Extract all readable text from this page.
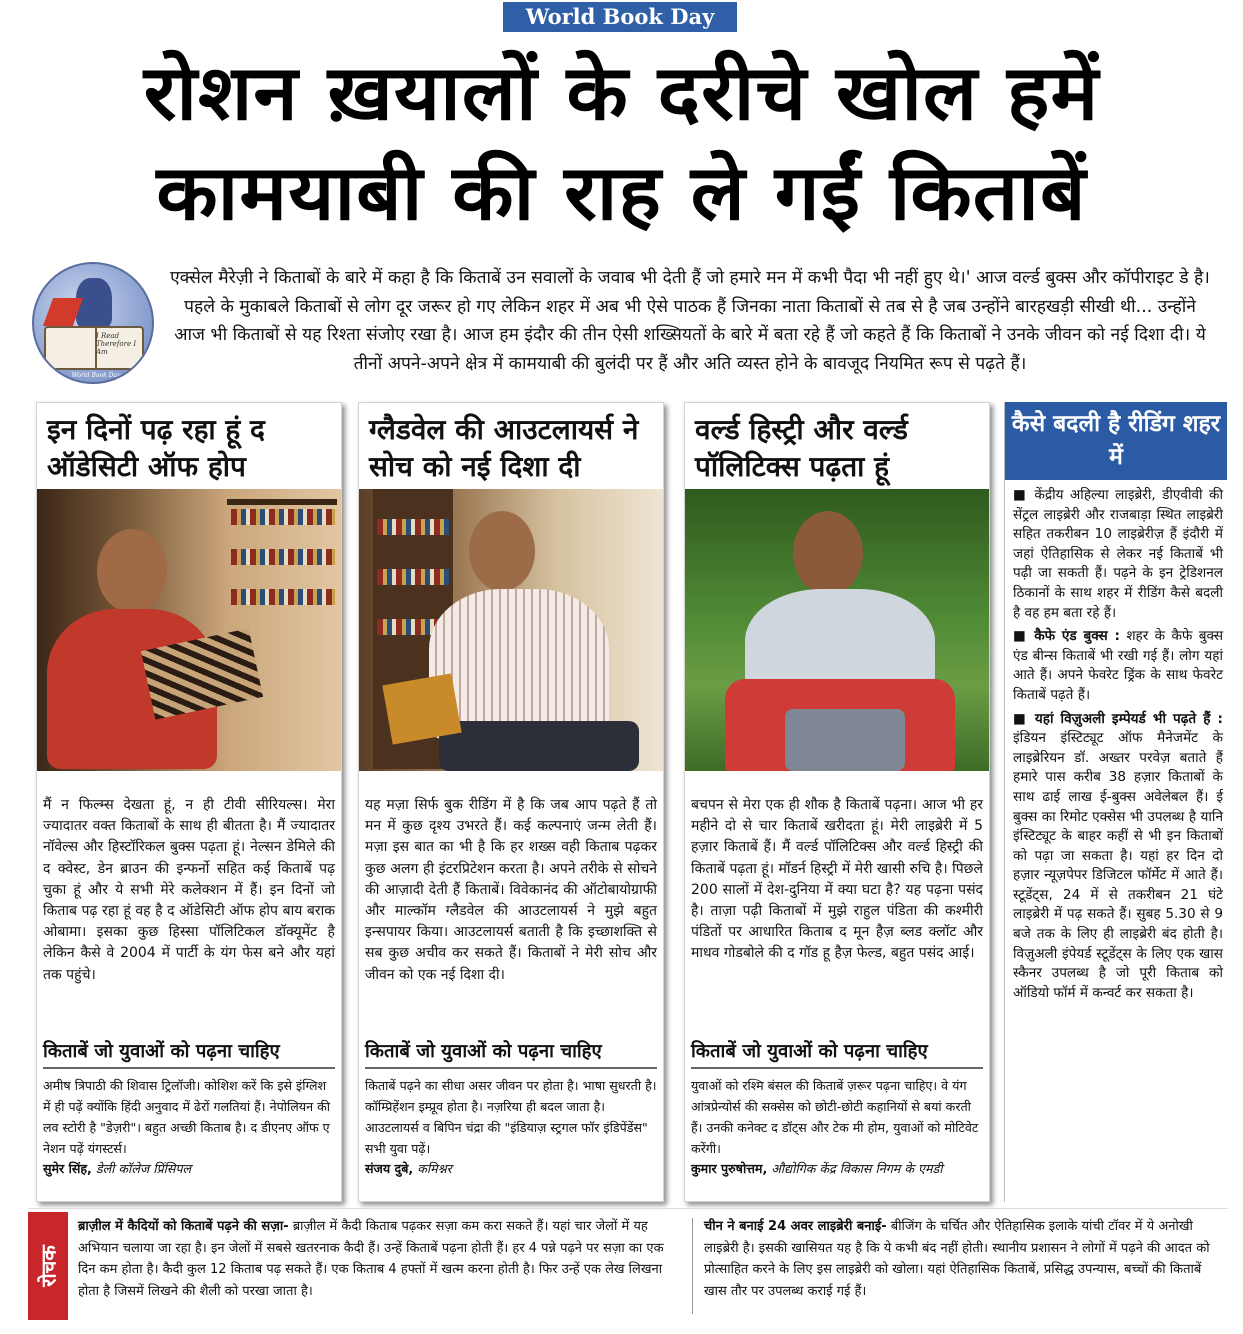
World Book Day
रोशन ख़यालों के दरीचे खोल हमें
कामयाबी की राह ले गईं किताबें
I Read Therefore I Am
World Book Day
एक्सेल मैरेज़ी ने किताबों के बारे में कहा है कि किताबें उन सवालों के जवाब भी देती हैं जो हमारे मन में कभी पैदा भी नहीं हुए थे।' आज वर्ल्ड बुक्स और कॉपीराइट डे है। पहले के मुकाबले किताबों से लोग दूर जरूर हो गए लेकिन शहर में अब भी ऐसे पाठक हैं जिनका नाता किताबों से तब से है जब उन्होंने बारहखड़ी सीखी थी... उन्होंने आज भी किताबों से यह रिश्ता संजोए रखा है। आज हम इंदौर की तीन ऐसी शख्सियतों के बारे में बता रहे हैं जो कहते हैं कि किताबों ने उनके जीवन को नई दिशा दी। ये तीनों अपने-अपने क्षेत्र में कामयाबी की बुलंदी पर हैं और अति व्यस्त होने के बावजूद नियमित रूप से पढ़ते हैं।
इन दिनों पढ़ रहा हूं द ऑडेसिटी ऑफ होप
मैं न फिल्म्स देखता हूं, न ही टीवी सीरियल्स। मेरा ज्यादातर वक्त किताबों के साथ ही बीतता है। मैं ज्यादातर नॉवेल्स और हिस्टॉरिकल बुक्स पढ़ता हूं। नेल्सन डेमिले की द क्वेस्ट, डेन ब्राउन की इन्फर्नो सहित कई किताबें पढ़ चुका हूं और ये सभी मेरे कलेक्शन में हैं। इन दिनों जो किताब पढ़ रहा हूं वह है द ऑडेसिटी ऑफ होप बाय बराक ओबामा। इसका कुछ हिस्सा पॉलिटिकल डॉक्यूमेंट है लेकिन कैसे वे 2004 में पार्टी के यंग फेस बने और यहां तक पहुंचे।
किताबें जो युवाओं को पढ़ना चाहिए
अमीष त्रिपाठी की शिवास ट्रिलॉजी। कोशिश करें कि इसे इंग्लिश में ही पढ़ें क्योंकि हिंदी अनुवाद में ढेरों गलतियां हैं। नेपोलियन की लव स्टोरी है "डेज़री"। बहुत अच्छी किताब है। द डीएनए ऑफ ए नेशन पढ़ें यंगस्टर्स।
सुमेर सिंह, डेली कॉलेज प्रिंसिपल
ग्लैडवेल की आउटलायर्स ने सोच को नई दिशा दी
यह मज़ा सिर्फ बुक रीडिंग में है कि जब आप पढ़ते हैं तो मन में कुछ दृश्य उभरते हैं। कई कल्पनाएं जन्म लेती हैं। मज़ा इस बात का भी है कि हर शख्स वही किताब पढ़कर कुछ अलग ही इंटरप्रिटेशन करता है। अपने तरीके से सोचने की आज़ादी देती हैं किताबें। विवेकानंद की ऑटोबायोग्राफी और माल्कॉम ग्लैडवेल की आउटलायर्स ने मुझे बहुत इन्सपायर किया। आउटलायर्स बताती है कि इच्छाशक्ति से सब कुछ अचीव कर सकते हैं। किताबों ने मेरी सोच और जीवन को एक नई दिशा दी।
किताबें जो युवाओं को पढ़ना चाहिए
किताबें पढ़ने का सीधा असर जीवन पर होता है। भाषा सुधरती है। कॉम्प्रिहेंशन इम्प्रूव होता है। नज़रिया ही बदल जाता है। आउटलायर्स व बिपिन चंद्रा की "इंडियाज़ स्ट्रगल फॉर इंडिपेंडेंस" सभी युवा पढ़ें।
संजय दुबे, कमिश्नर
वर्ल्ड हिस्ट्री और वर्ल्ड पॉलिटिक्स पढ़ता हूं
बचपन से मेरा एक ही शौक है किताबें पढ़ना। आज भी हर महीने दो से चार किताबें खरीदता हूं। मेरी लाइब्रेरी में 5 हज़ार किताबें हैं। मैं वर्ल्ड पॉलिटिक्स और वर्ल्ड हिस्ट्री की किताबें पढ़ता हूं। मॉडर्न हिस्ट्री में मेरी खासी रुचि है। पिछले 200 सालों में देश-दुनिया में क्या घटा है? यह पढ़ना पसंद है। ताज़ा पढ़ी किताबों में मुझे राहुल पंडिता की कश्मीरी पंडितों पर आधारित किताब द मून हैज़ ब्लड क्लॉट और माधव गोडबोले की द गॉड हू हैज़ फेल्ड, बहुत पसंद आई।
किताबें जो युवाओं को पढ़ना चाहिए
युवाओं को रश्मि बंसल की किताबें ज़रूर पढ़ना चाहिए। वे यंग आंत्रप्रेन्योर्स की सक्सेस को छोटी-छोटी कहानियों से बयां करती हैं। उनकी कनेक्ट द डॉट्स और टेक मी होम, युवाओं को मोटिवेट करेंगी।
कुमार पुरुषोत्तम, औद्योगिक केंद्र विकास निगम के एमडी
कैसे बदली है रीडिंग शहर में

■ केंद्रीय अहिल्या लाइब्रेरी, डीएवीवी की सेंट्रल लाइब्रेरी और राजबाड़ा स्थित लाइब्रेरी सहित तकरीबन 10 लाइब्रेरीज़ हैं इंदौरी में जहां ऐतिहासिक से लेकर नई किताबें भी पढ़ी जा सकती हैं। पढ़ने के इन ट्रेडिशनल ठिकानों के साथ शहर में रीडिंग कैसे बदली है वह हम बता रहे हैं।

■ कैफे एंड बुक्स : शहर के कैफे बुक्स एंड बीन्स किताबें भी रखी गई हैं। लोग यहां आते हैं। अपने फेवरेट ड्रिंक के साथ फेवरेट किताबें पढ़ते हैं।

■ यहां विज़ुअली इम्पेयर्ड भी पढ़ते हैं : इंडियन इंस्टिट्यूट ऑफ मैनेजमेंट के लाइब्रेरियन डॉ. अख्तर परवेज़ बताते हैं हमारे पास करीब 38 हज़ार किताबों के साथ ढाई लाख ई-बुक्स अवेलेबल हैं। ई बुक्स का रिमोट एक्सेस भी उपलब्ध है यानि इंस्टिट्यूट के बाहर कहीं से भी इन किताबों को पढ़ा जा सकता है। यहां हर दिन दो हज़ार न्यूज़पेपर डिजिटल फॉर्मेट में आते हैं। स्टूडेंट्स, 24 में से तकरीबन 21 घंटे लाइब्रेरी में पढ़ सकते हैं। सुबह 5.30 से 9 बजे तक के लिए ही लाइब्रेरी बंद होती है। विज़ुअली इंपेयर्ड स्टूडेंट्स के लिए एक खास स्कैनर उपलब्ध है जो पूरी किताब को ऑडियो फॉर्म में कन्वर्ट कर सकता है।

रोचक
ब्राज़ील में कैदियों को किताबें पढ़ने की सज़ा- ब्राज़ील में कैदी किताब पढ़कर सज़ा कम करा सकते हैं। यहां चार जेलों में यह अभियान चलाया जा रहा है। इन जेलों में सबसे खतरनाक कैदी हैं। उन्हें किताबें पढ़ना होती हैं। हर 4 पन्ने पढ़ने पर सज़ा का एक दिन कम होता है। कैदी कुल 12 किताब पढ़ सकते हैं। एक किताब 4 हफ्तों में खत्म करना होती है। फिर उन्हें एक लेख लिखना होता है जिसमें लिखने की शैली को परखा जाता है।
चीन ने बनाई 24 अवर लाइब्रेरी बनाई- बीजिंग के चर्चित और ऐतिहासिक इलाके यांची टॉवर में ये अनोखी लाइब्रेरी है। इसकी खासियत यह है कि ये कभी बंद नहीं होती। स्थानीय प्रशासन ने लोगों में पढ़ने की आदत को प्रोत्साहित करने के लिए इस लाइब्रेरी को खोला। यहां ऐतिहासिक किताबें, प्रसिद्ध उपन्यास, बच्चों की किताबें खास तौर पर उपलब्ध कराई गई हैं।
